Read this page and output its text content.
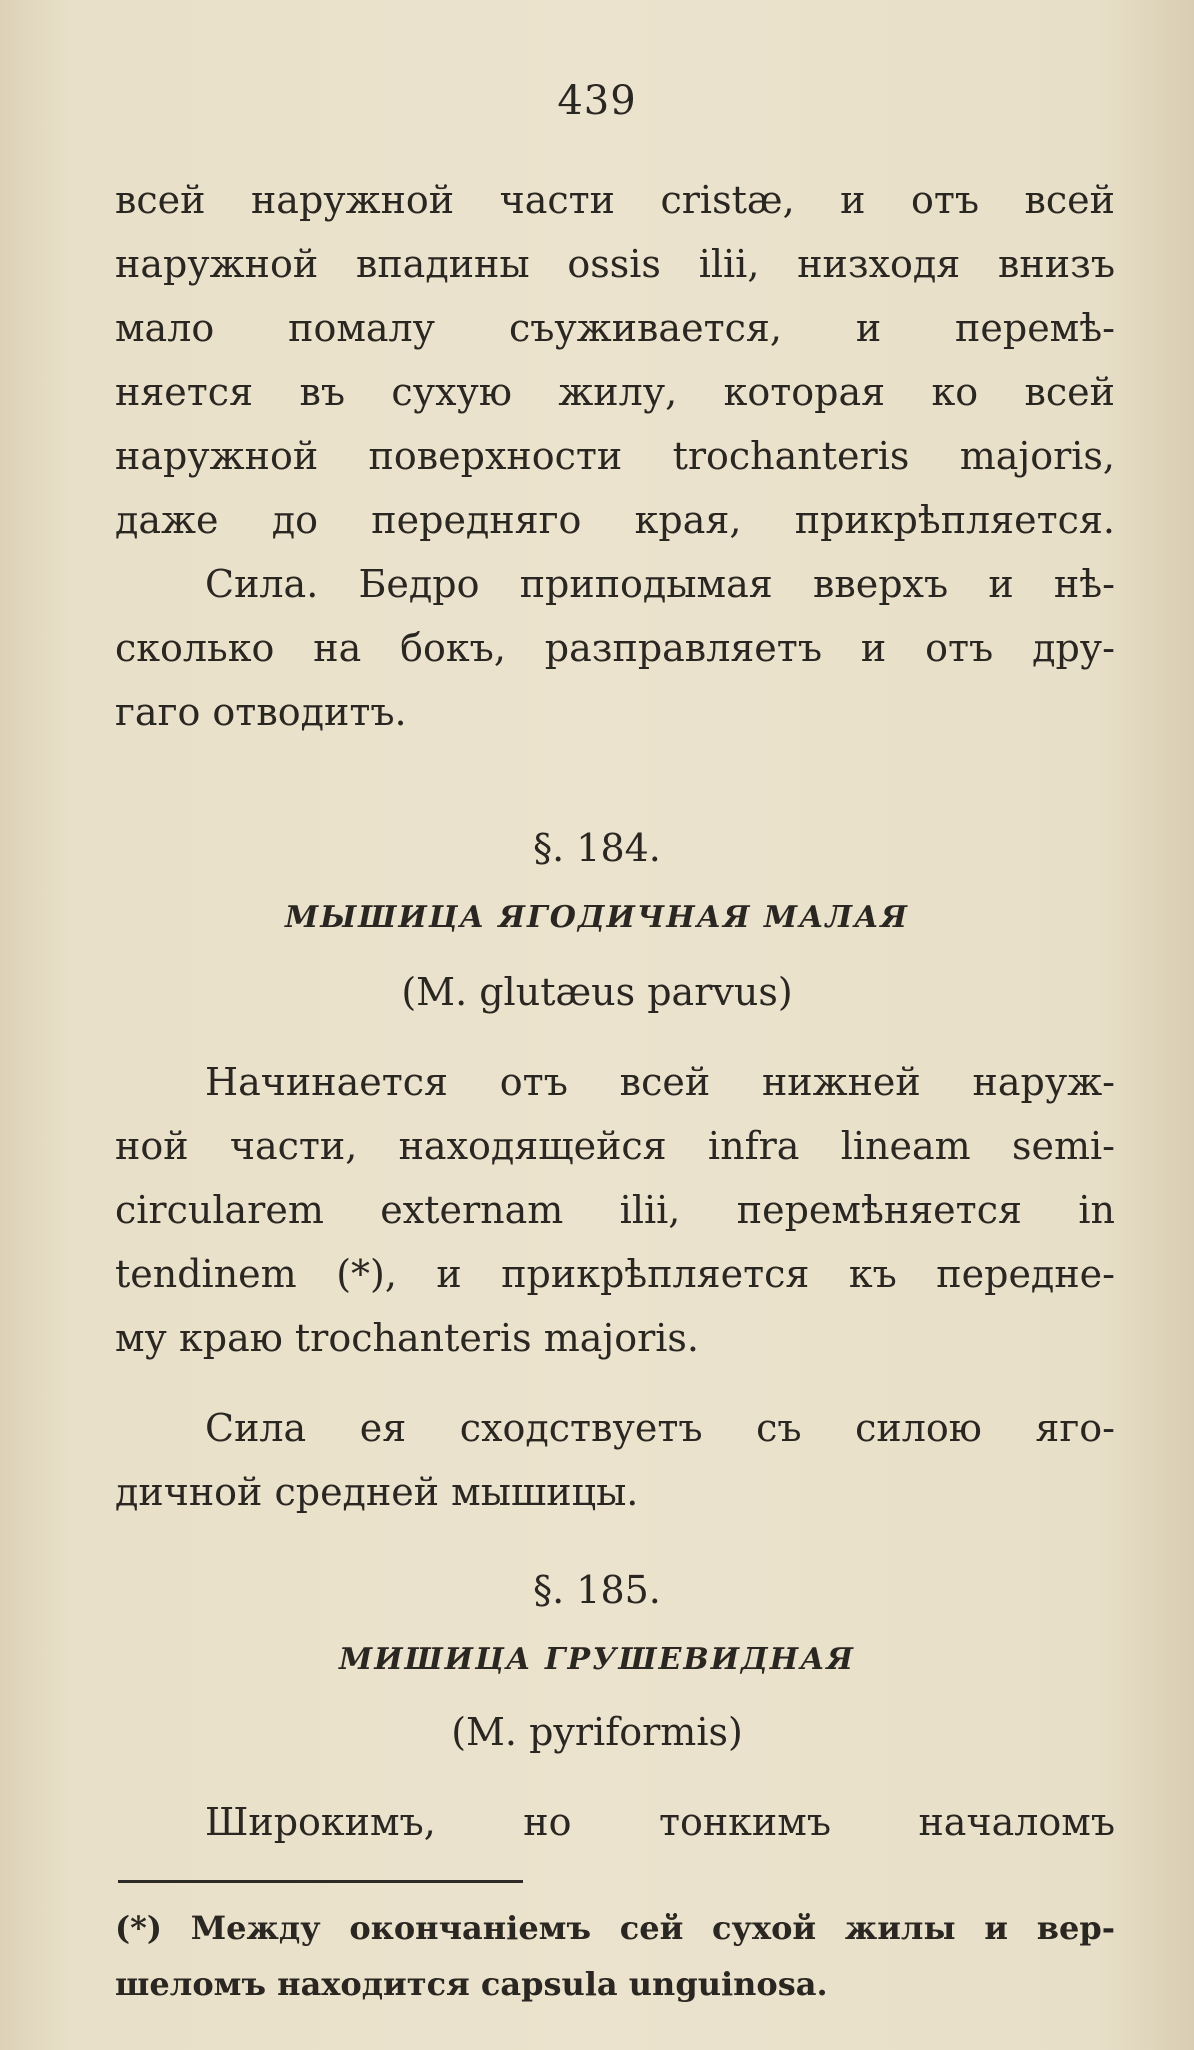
439
всей наружной части cristæ, и отъ всей
наружной впадины ossis ilii, низходя внизъ
мало помалу съуживается, и перемѣ-
няется въ сухую жилу, которая ко всей
наружной поверхности trochanteris majoris,
даже до передняго края, прикрѣпляется.
Сила. Бедро приподымая вверхъ и нѣ-
сколько на бокъ, разправляетъ и отъ дру-
гаго отводитъ.
§. 184.
МЫШИЦА ЯГОДИЧНАЯ МАЛАЯ
(M. glutæus parvus)
Начинается отъ всей нижней наруж-
ной части, находящейся infra lineam semi-
circularem externam ilii, перемѣняется in
tendinem (*), и прикрѣпляется къ передне-
му краю trochanteris majoris.
Сила ея сходствуетъ съ силою яго-
дичной средней мышицы.
§. 185.
МИШИЦА ГРУШЕВИДНАЯ
(M. pyriformis)
Широкимъ, но тонкимъ началомъ
(*) Между окончанiемъ сей сухой жилы и вер-
шеломъ находится capsula unguinosa.
